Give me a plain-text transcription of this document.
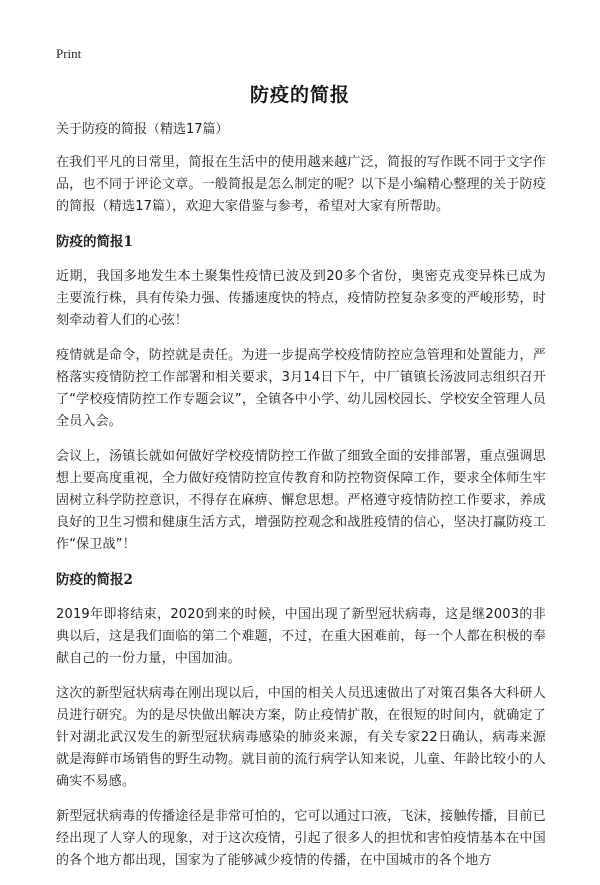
Print
防疫的简报
关于防疫的简报（精选17篇）

在我们平凡的日常里，简报在生活中的使用越来越广泛，简报的写作既不同于文字作品，也不同于评论文章。一般简报是怎么制定的呢？以下是小编精心整理的关于防疫的简报（精选17篇），欢迎大家借鉴与参考，希望对大家有所帮助。

防疫的简报1

近期，我国多地发生本土聚集性疫情已波及到20多个省份，奥密克戎变异株已成为主要流行株，具有传染力强、传播速度快的特点，疫情防控复杂多变的严峻形势，时刻牵动着人们的心弦！

疫情就是命令，防控就是责任。为进一步提高学校疫情防控应急管理和处置能力，严格落实疫情防控工作部署和相关要求，3月14日下午，中厂镇镇长汤波同志组织召开了“学校疫情防控工作专题会议”，全镇各中小学、幼儿园校园长、学校安全管理人员全员入会。

会议上，汤镇长就如何做好学校疫情防控工作做了细致全面的安排部署，重点强调思想上要高度重视，全力做好疫情防控宣传教育和防控物资保障工作，要求全体师生牢固树立科学防控意识，不得存在麻痹、懈怠思想。严格遵守疫情防控工作要求，养成良好的卫生习惯和健康生活方式，增强防控观念和战胜疫情的信心，坚决打赢防疫工作“保卫战”！

防疫的简报2

2019年即将结束，2020到来的时候，中国出现了新型冠状病毒，这是继2003的非典以后，这是我们面临的第二个难题，不过，在重大困难前，每一个人都在积极的奉献自己的一份力量，中国加油。

这次的新型冠状病毒在刚出现以后，中国的相关人员迅速做出了对策召集各大科研人员进行研究。为的是尽快做出解决方案，防止疫情扩散，在很短的时间内，就确定了针对湖北武汉发生的新型冠状病毒感染的肺炎来源，有关专家22日确认，病毒来源就是海鲜市场销售的野生动物。就目前的流行病学认知来说，儿童、年龄比较小的人确实不易感。

新型冠状病毒的传播途径是非常可怕的，它可以通过口液，飞沫，接触传播，目前已经出现了人穿人的现象，对于这次疫情，引起了很多人的担忧和害怕疫情基本在中国的各个地方都出现，国家为了能够减少疫情的传播，在中国城市的各个地方
